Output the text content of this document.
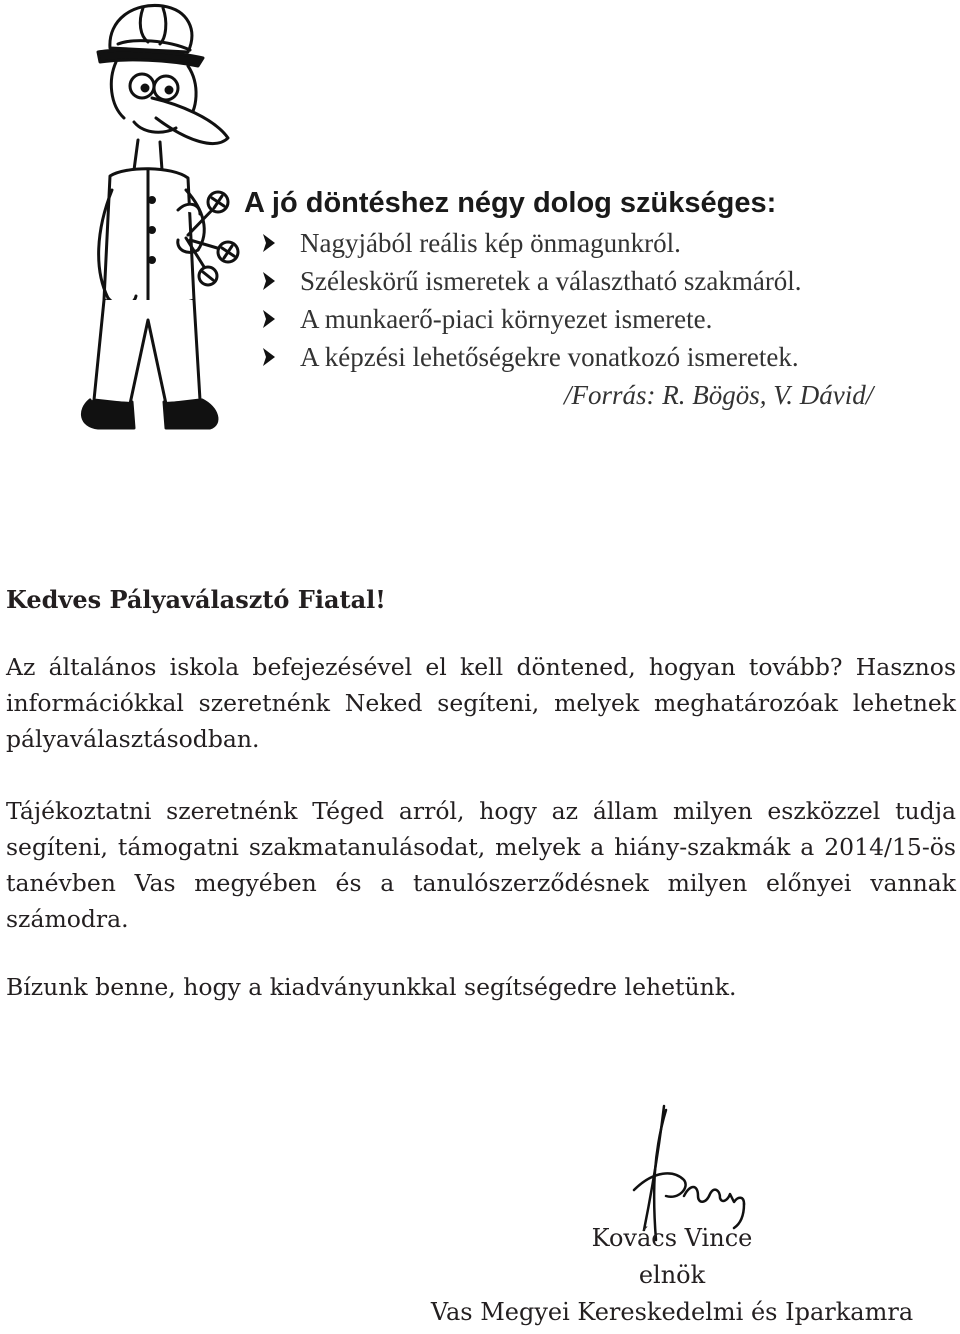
A jó döntéshez négy dolog szükséges:

Nagyjából reális kép önmagunkról.
Széleskörű ismeretek a választható szakmáról.
A munkaerő-piaci környezet ismerete.
A képzési lehetőségekre vonatkozó ismeretek.

/Forrás: R. Bögös, V. Dávid/

Kedves Pályaválasztó Fiatal!

Az általános iskola befejezésével el kell döntened, hogyan tovább? Hasznos információkkal szeretnénk Neked segíteni, melyek meghatározóak lehetnek pályaválasztásodban.

Tájékoztatni szeretnénk Téged arról, hogy az állam milyen eszközzel tudja segíteni, támogatni szakmatanulásodat, melyek a hiány-szakmák a 2014/15-ös tanévben Vas megyében és a tanulószerződésnek milyen előnyei vannak számodra.

Bízunk benne, hogy a kiadványunkkal segítségedre lehetünk.

Kovács Vince

elnök

Vas Megyei Kereskedelmi és Iparkamra
